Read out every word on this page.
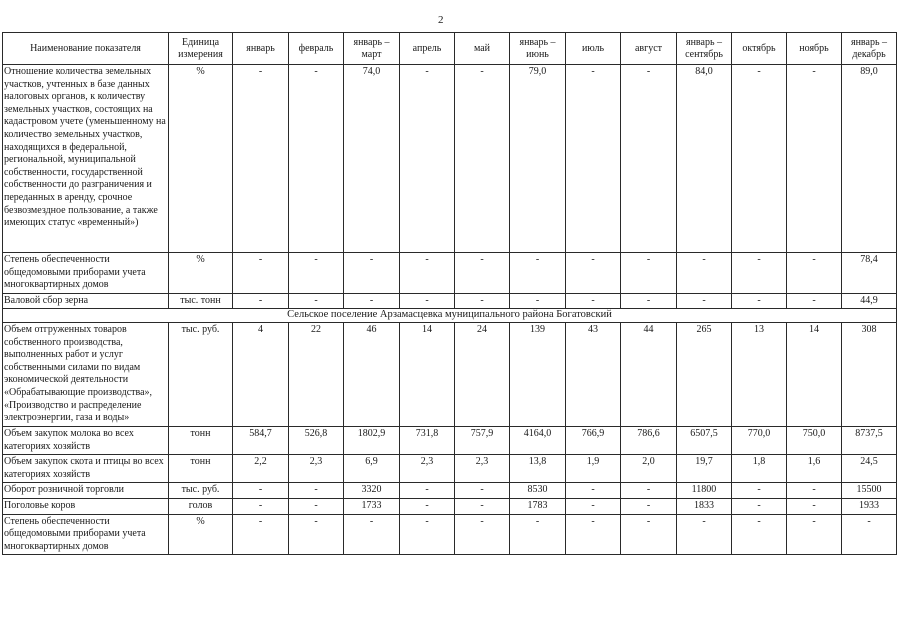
2
Наименование показателя	Единица измерения	январь	февраль	январь – март	апрель	май	январь – июнь	июль	август	январь – сентябрь	октябрь	ноябрь	январь – декабрь
Отношение количества земельных участков, учтенных в базе данных налоговых органов, к количеству земельных участков, состоящих на кадастровом учете (уменьшенному на количество земельных участков, находящихся в федеральной, региональной, муниципальной собственности, государственной собственности до разграничения и переданных в аренду, срочное безвозмездное пользование, а также имеющих статус «временный»)	%	-	-	74,0	-	-	79,0	-	-	84,0	-	-	89,0
Степень обеспеченности общедомовыми приборами учета многоквартирных домов	%	-	-	-	-	-	-	-	-	-	-	-	78,4
Валовой сбор зерна	тыс. тонн	-	-	-	-	-	-	-	-	-	-	-	44,9
Сельское поселение Арзамасцевка муниципального района Богатовский													
Объем отгруженных товаров собственного производства, выполненных работ и услуг собственными силами по видам экономической деятельности «Обрабатывающие производства», «Производство и распределение электроэнергии, газа и воды»	тыс. руб.	4	22	46	14	24	139	43	44	265	13	14	308
Объем закупок молока во всех категориях хозяйств	тонн	584,7	526,8	1802,9	731,8	757,9	4164,0	766,9	786,6	6507,5	770,0	750,0	8737,5
Объем закупок скота и птицы во всех категориях хозяйств	тонн	2,2	2,3	6,9	2,3	2,3	13,8	1,9	2,0	19,7	1,8	1,6	24,5
Оборот розничной торговли	тыс. руб.	-	-	3320	-	-	8530	-	-	11800	-	-	15500
Поголовье коров	голов	-	-	1733	-	-	1783	-	-	1833	-	-	1933
Степень обеспеченности общедомовыми приборами учета многоквартирных домов	%	-	-	-	-	-	-	-	-	-	-	-	-
